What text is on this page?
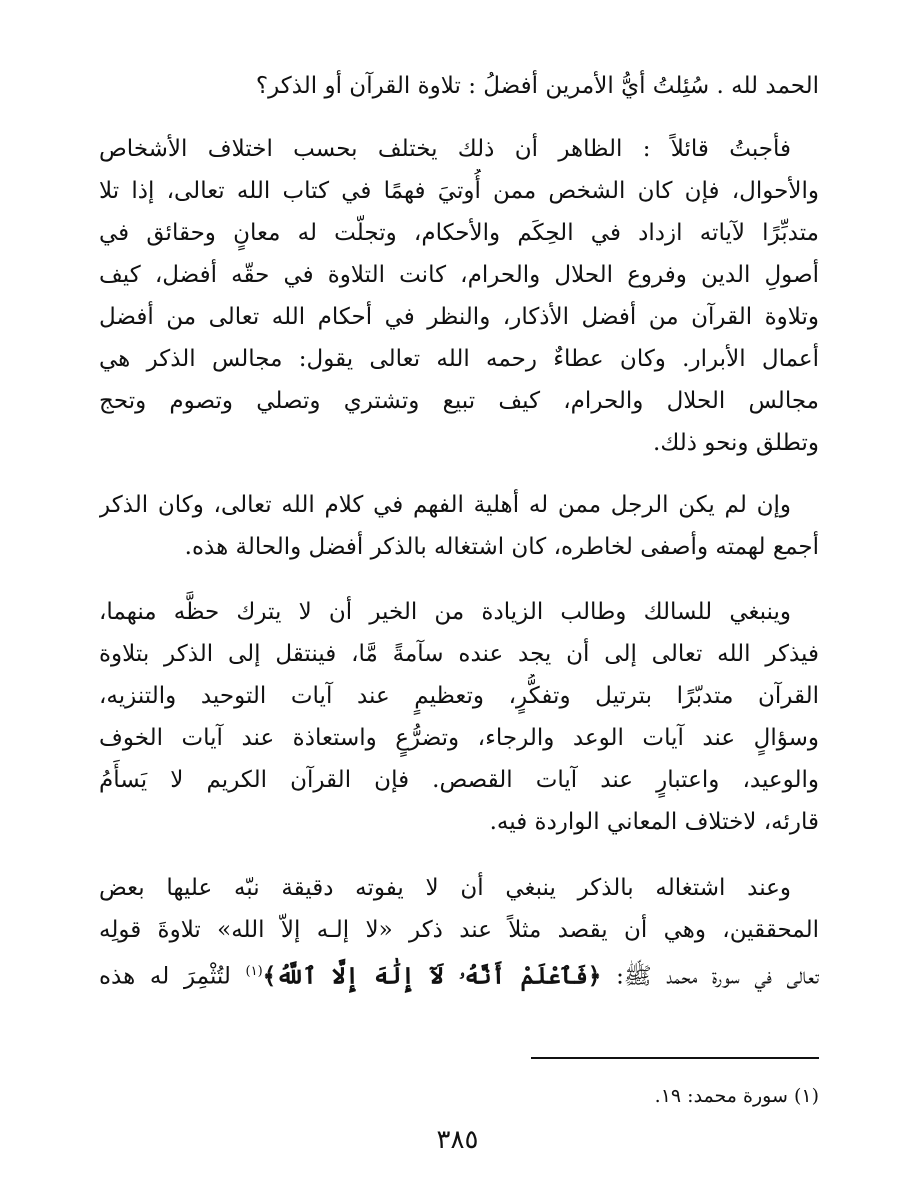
الحمد لله . سُئِلتُ أيُّ الأمرين أفضلُ : تلاوة القرآن أو الذكر؟
فأجبتُ قائلاً : الظاهر أن ذلك يختلف بحسب اختلاف الأشخاص
والأحوال، فإن كان الشخص ممن أُوتيَ فهمًا في كتاب الله تعالى، إذا تلا
متدبِّرًا لآياته ازداد في الحِكَم والأحكام، وتجلّت له معانٍ وحقائق في
أصولِ الدين وفروع الحلال والحرام، كانت التلاوة في حقّه أفضل، كيف
وتلاوة القرآن من أفضل الأذكار، والنظر في أحكام الله تعالى من أفضل
أعمال الأبرار. وكان عطاءٌ رحمه الله تعالى يقول: مجالس الذكر هي
مجالس الحلال والحرام، كيف تبيع وتشتري وتصلي وتصوم وتحج
وتطلق ونحو ذلك.
وإن لم يكن الرجل ممن له أهلية الفهم في كلام الله تعالى، وكان الذكر
أجمع لهمته وأصفى لخاطره، كان اشتغاله بالذكر أفضل والحالة هذه.
وينبغي للسالك وطالب الزيادة من الخير أن لا يترك حظَّه منهما،
فيذكر الله تعالى إلى أن يجد عنده سآمةً مَّا، فينتقل إلى الذكر بتلاوة
القرآن متدبّرًا بترتيل وتفكُّرٍ، وتعظيمٍ عند آيات التوحيد والتنزيه،
وسؤالٍ عند آيات الوعد والرجاء، وتضرُّعٍ واستعاذة عند آيات الخوف
والوعيد، واعتبارٍ عند آيات القصص. فإن القرآن الكريم لا يَسأَمُ
قارئه، لاختلاف المعاني الواردة فيه.
وعند اشتغاله بالذكر ينبغي أن لا يفوته دقيقة نبّه عليها بعض
المحققين، وهي أن يقصد مثلاً عند ذكر «لا إلـه إلاّ الله» تلاوةَ قولِه
تعالى في سورة محمد ﷺ: ﴿فَٱعْلَمْ أَنَّهُۥ لَآ إِلَٰهَ إِلَّا ٱللَّهُ﴾$^{(١)}$ لتُثْمِرَ له هذه
(١) سورة محمد: ١٩.
٣٨٥
